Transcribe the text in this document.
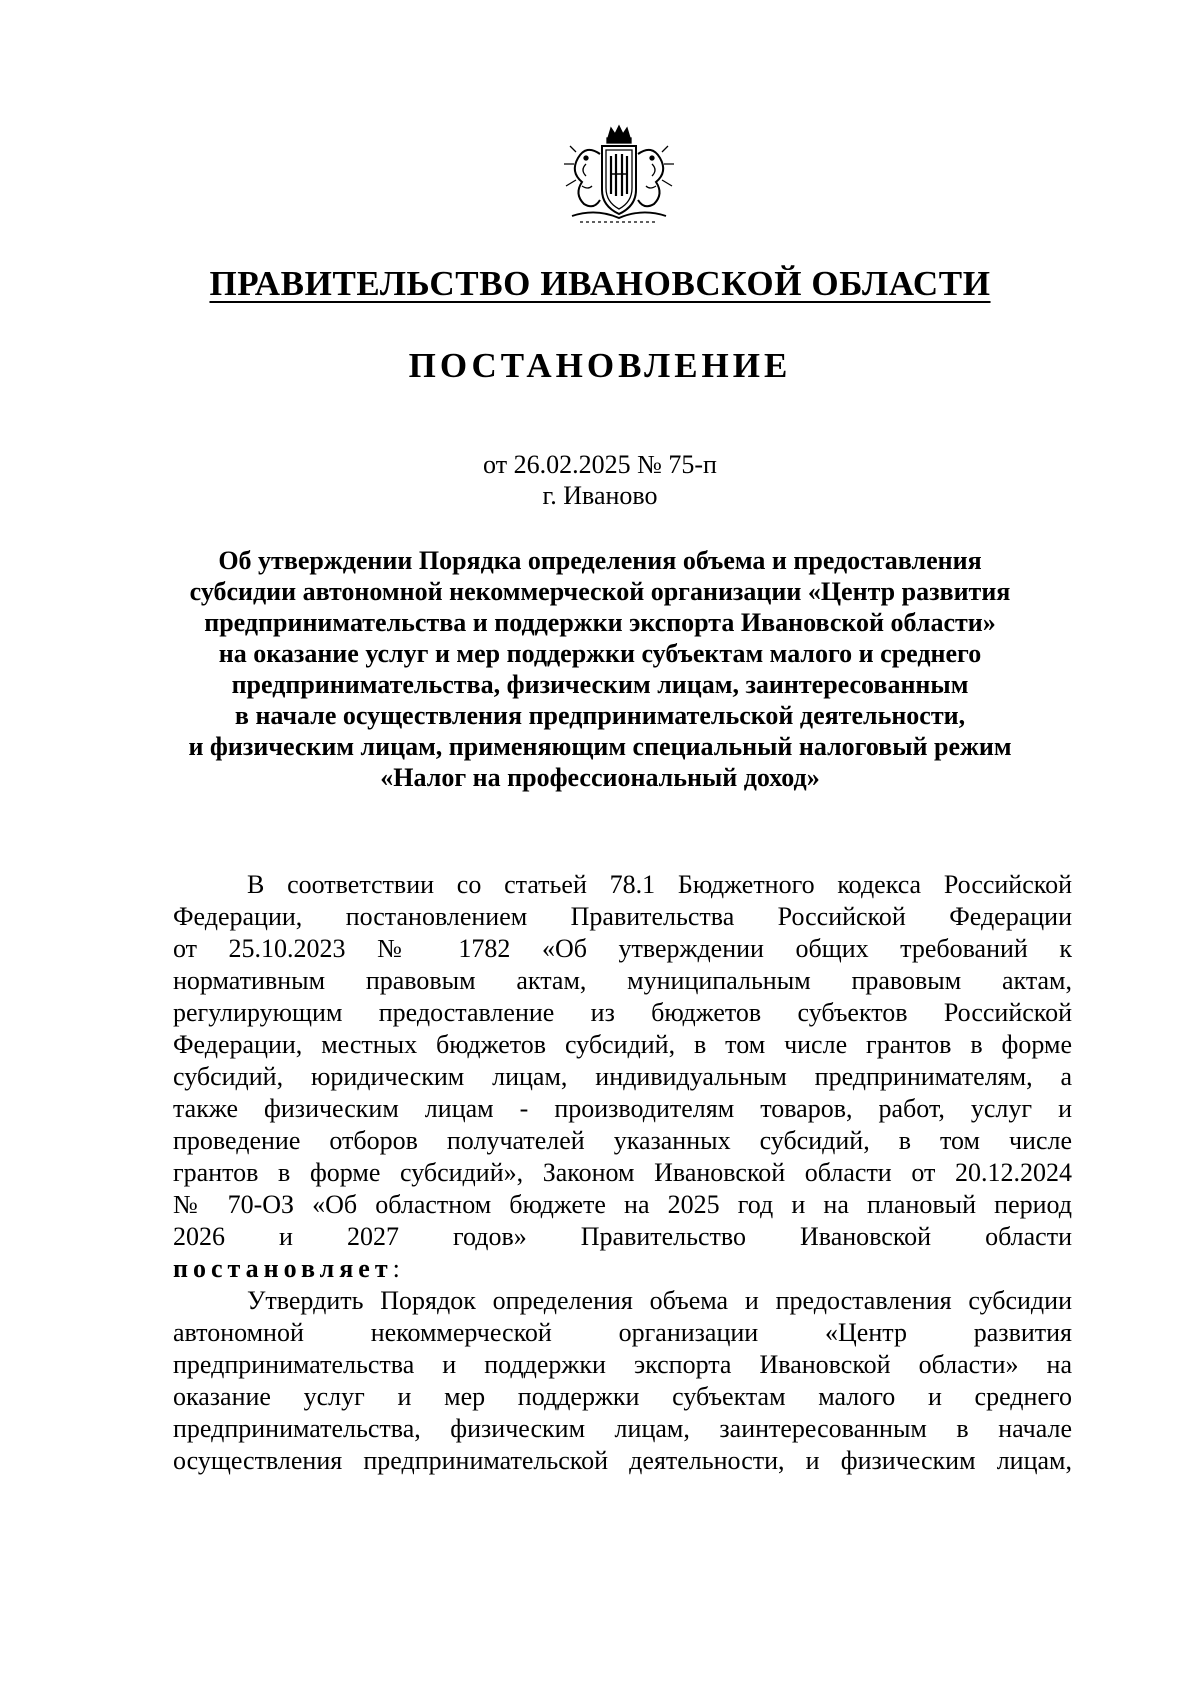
ПРАВИТЕЛЬСТВО ИВАНОВСКОЙ ОБЛАСТИ
ПОСТАНОВЛЕНИЕ
от 26.02.2025 № 75-п
г. Иваново
Об утверждении Порядка определения объема и предоставления
субсидии автономной некоммерческой организации «Центр развития
предпринимательства и поддержки экспорта Ивановской области»
на оказание услуг и мер поддержки субъектам малого и среднего
предпринимательства, физическим лицам, заинтересованным
в начале осуществления предпринимательской деятельности,
и физическим лицам, применяющим специальный налоговый режим
«Налог на профессиональный доход»
В соответствии со статьей 78.1 Бюджетного кодекса Российской
Федерации, постановлением Правительства Российской Федерации
от 25.10.2023 № 1782 «Об утверждении общих требований к
нормативным правовым актам, муниципальным правовым актам,
регулирующим предоставление из бюджетов субъектов Российской
Федерации, местных бюджетов субсидий, в том числе грантов в форме
субсидий, юридическим лицам, индивидуальным предпринимателям, а
также физическим лицам - производителям товаров, работ, услуг и
проведение отборов получателей указанных субсидий, в том числе
грантов в форме субсидий», Законом Ивановской области от 20.12.2024
№ 70-ОЗ «Об областном бюджете на 2025 год и на плановый период
2026 и 2027 годов» Правительство Ивановской области
постановляет:
Утвердить Порядок определения объема и предоставления субсидии
автономной некоммерческой организации «Центр развития
предпринимательства и поддержки экспорта Ивановской области» на
оказание услуг и мер поддержки субъектам малого и среднего
предпринимательства, физическим лицам, заинтересованным в начале
осуществления предпринимательской деятельности, и физическим лицам,
